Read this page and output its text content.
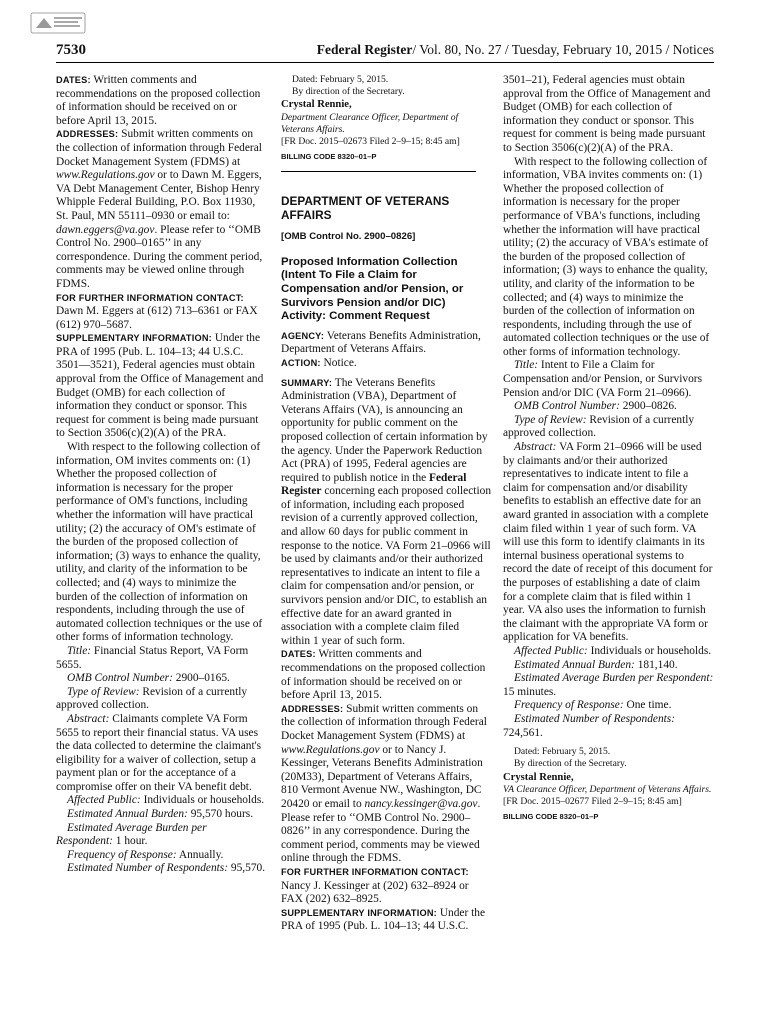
7530	Federal Register/ Vol. 80, No. 27 / Tuesday, February 10, 2015 / Notices

DATES: Written comments and recommendations on the proposed collection of information should be received on or before April 13, 2015.

ADDRESSES: Submit written comments on the collection of information through Federal Docket Management System (FDMS) at www.Regulations.gov or to Dawn M. Eggers, VA Debt Management Center, Bishop Henry Whipple Federal Building, P.O. Box 11930, St. Paul, MN 55111–0930 or email to: dawn.eggers@va.gov. Please refer to ‘‘OMB Control No. 2900–0165’’ in any correspondence. During the comment period, comments may be viewed online through FDMS.

FOR FURTHER INFORMATION CONTACT:
Dawn M. Eggers at (612) 713–6361 or FAX (612) 970–5687.

SUPPLEMENTARY INFORMATION: Under the PRA of 1995 (Pub. L. 104–13; 44 U.S.C. 3501—3521), Federal agencies must obtain approval from the Office of Management and Budget (OMB) for each collection of information they conduct or sponsor. This request for comment is being made pursuant to Section 3506(c)(2)(A) of the PRA.

With respect to the following collection of information, OM invites comments on: (1) Whether the proposed collection of information is necessary for the proper performance of OM's functions, including whether the information will have practical utility; (2) the accuracy of OM's estimate of the burden of the proposed collection of information; (3) ways to enhance the quality, utility, and clarity of the information to be collected; and (4) ways to minimize the burden of the collection of information on respondents, including through the use of automated collection techniques or the use of other forms of information technology.

Title: Financial Status Report, VA Form 5655.

OMB Control Number: 2900–0165.

Type of Review: Revision of a currently approved collection.

Abstract: Claimants complete VA Form 5655 to report their financial status. VA uses the data collected to determine the claimant's eligibility for a waiver of collection, setup a payment plan or for the acceptance of a compromise offer on their VA benefit debt.

Affected Public: Individuals or households.

Estimated Annual Burden: 95,570 hours.

Estimated Average Burden per Respondent: 1 hour.

Frequency of Response: Annually.

Estimated Number of Respondents: 95,570.

Dated: February 5, 2015.

By direction of the Secretary.

Crystal Rennie,

Department Clearance Officer, Department of Veterans Affairs.

[FR Doc. 2015–02673 Filed 2–9–15; 8:45 am]

BILLING CODE 8320–01–P

DEPARTMENT OF VETERANS AFFAIRS

[OMB Control No. 2900–0826]

Proposed Information Collection (Intent To File a Claim for Compensation and/or Pension, or Survivors Pension and/or DIC) Activity: Comment Request

AGENCY: Veterans Benefits Administration, Department of Veterans Affairs.

ACTION: Notice.

SUMMARY: The Veterans Benefits Administration (VBA), Department of Veterans Affairs (VA), is announcing an opportunity for public comment on the proposed collection of certain information by the agency. Under the Paperwork Reduction Act (PRA) of 1995, Federal agencies are required to publish notice in the Federal Register concerning each proposed collection of information, including each proposed revision of a currently approved collection, and allow 60 days for public comment in response to the notice. VA Form 21–0966 will be used by claimants and/or their authorized representatives to indicate an intent to file a claim for compensation and/or pension, or survivors pension and/or DIC, to establish an effective date for an award granted in association with a complete claim filed within 1 year of such form.

DATES: Written comments and recommendations on the proposed collection of information should be received on or before April 13, 2015.

ADDRESSES: Submit written comments on the collection of information through Federal Docket Management System (FDMS) at www.Regulations.gov or to Nancy J. Kessinger, Veterans Benefits Administration (20M33), Department of Veterans Affairs, 810 Vermont Avenue NW., Washington, DC 20420 or email to nancy.kessinger@va.gov. Please refer to ‘‘OMB Control No. 2900–0826’’ in any correspondence. During the comment period, comments may be viewed online through the FDMS.

FOR FURTHER INFORMATION CONTACT:
Nancy J. Kessinger at (202) 632–8924 or FAX (202) 632–8925.

SUPPLEMENTARY INFORMATION: Under the PRA of 1995 (Pub. L. 104–13; 44 U.S.C.

3501–21), Federal agencies must obtain approval from the Office of Management and Budget (OMB) for each collection of information they conduct or sponsor. This request for comment is being made pursuant to Section 3506(c)(2)(A) of the PRA.

With respect to the following collection of information, VBA invites comments on: (1) Whether the proposed collection of information is necessary for the proper performance of VBA's functions, including whether the information will have practical utility; (2) the accuracy of VBA's estimate of the burden of the proposed collection of information; (3) ways to enhance the quality, utility, and clarity of the information to be collected; and (4) ways to minimize the burden of the collection of information on respondents, including through the use of automated collection techniques or the use of other forms of information technology.

Title: Intent to File a Claim for Compensation and/or Pension, or Survivors Pension and/or DIC (VA Form 21–0966).

OMB Control Number: 2900–0826.

Type of Review: Revision of a currently approved collection.

Abstract: VA Form 21–0966 will be used by claimants and/or their authorized representatives to indicate intent to file a claim for compensation and/or disability benefits to establish an effective date for an award granted in association with a complete claim filed within 1 year of such form. VA will use this form to identify claimants in its internal business operational systems to record the date of receipt of this document for the purposes of establishing a date of claim for a complete claim that is filed within 1 year. VA also uses the information to furnish the claimant with the appropriate VA form or application for VA benefits.

Affected Public: Individuals or households.

Estimated Annual Burden: 181,140.

Estimated Average Burden per Respondent: 15 minutes.

Frequency of Response: One time.

Estimated Number of Respondents: 724,561.

Dated: February 5, 2015.

By direction of the Secretary.

Crystal Rennie,

VA Clearance Officer, Department of Veterans Affairs.

[FR Doc. 2015–02677 Filed 2–9–15; 8:45 am]

BILLING CODE 8320–01–P
